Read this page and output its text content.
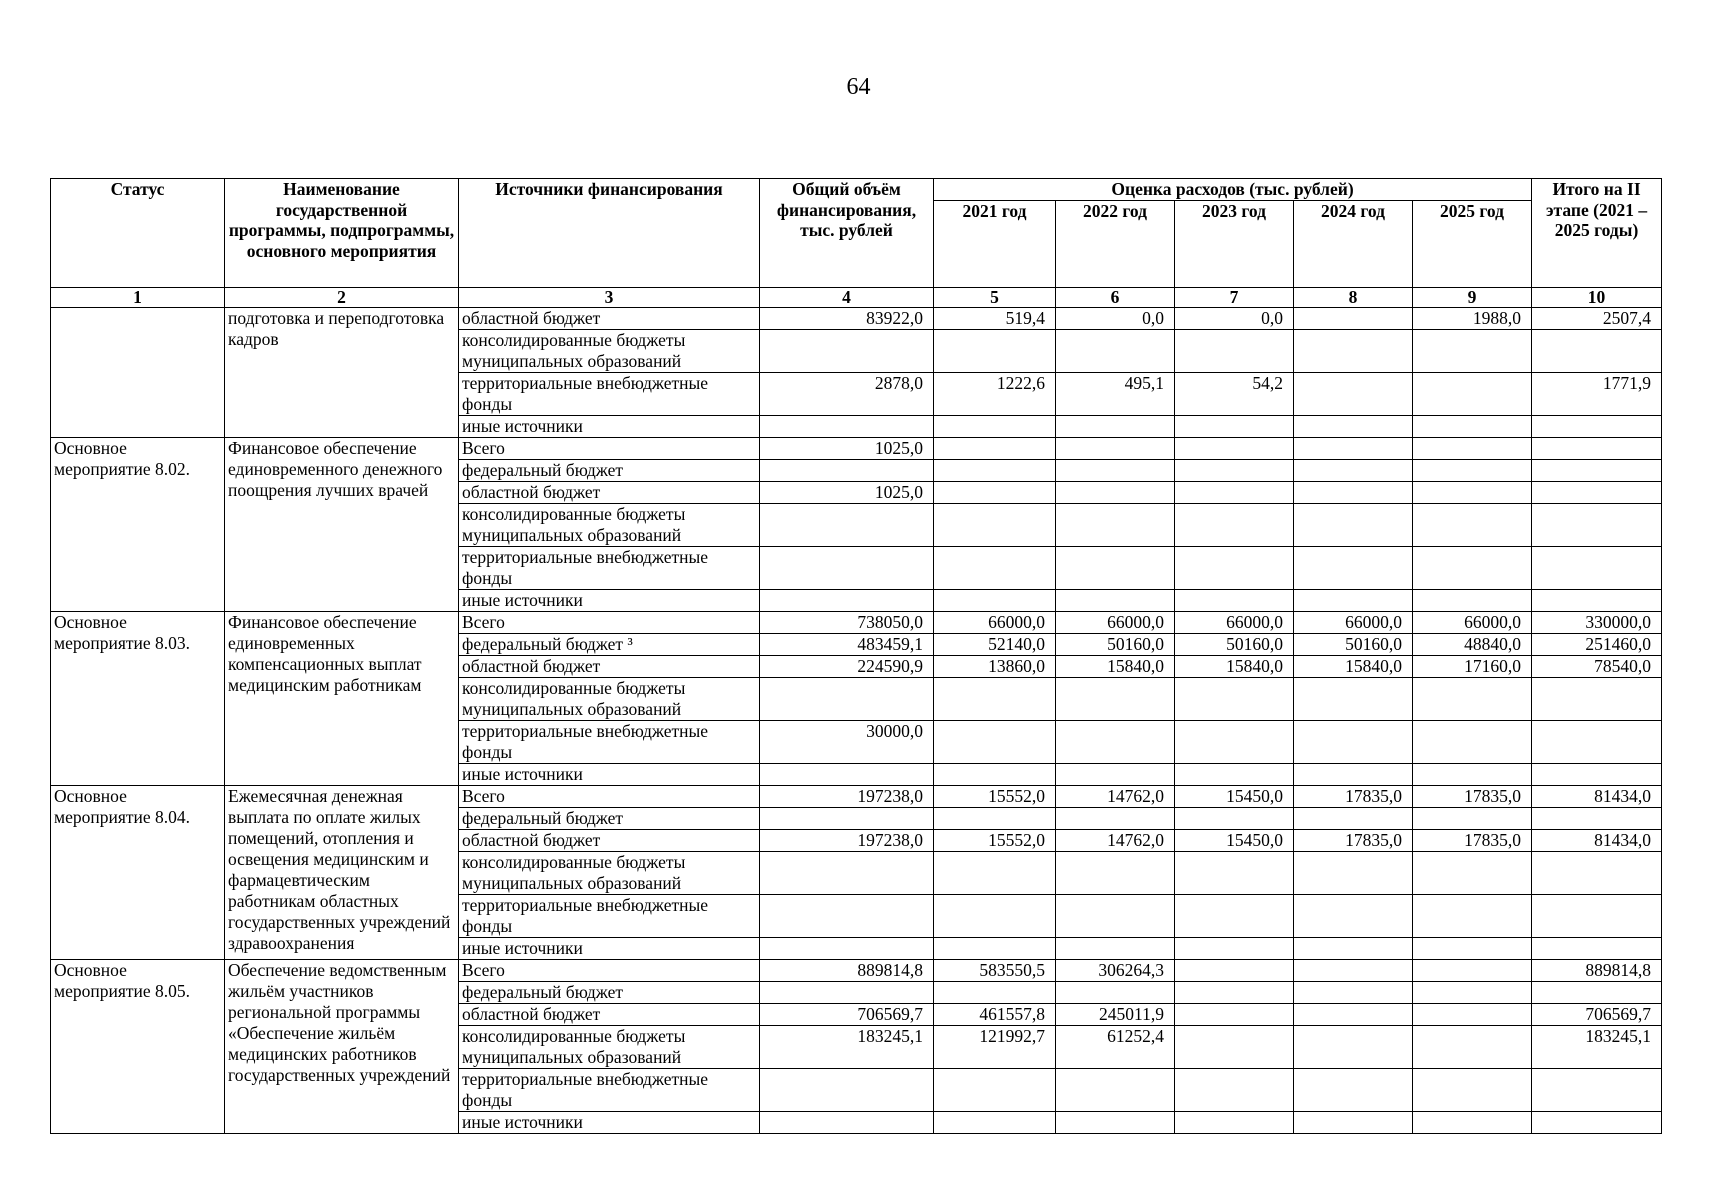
64
Статус	Наименование государственной программы, подпрограммы, основного мероприятия	Источники финансирования	Общий объём финансирования, тыс. рублей	Оценка расходов (тыс. рублей)					Итого на II этапе (2021 – 2025 годы)
				2021 год	2022 год	2023 год	2024 год	2025 год	
1	2	3	4	5	6	7	8	9	10
	подготовка и переподготовка кадров	областной бюджет	83922,0	519,4	0,0	0,0		1988,0	2507,4
		консолидированные бюджеты муниципальных образований							
		территориальные внебюджетные фонды	2878,0	1222,6	495,1	54,2			1771,9
		иные источники							
Основное мероприятие 8.02.	Финансовое обеспечение единовременного денежного поощрения лучших врачей	Всего	1025,0						
		федеральный бюджет							
		областной бюджет	1025,0						
		консолидированные бюджеты муниципальных образований							
		территориальные внебюджетные фонды							
		иные источники							
Основное мероприятие 8.03.	Финансовое обеспечение единовременных компенсационных выплат медицинским работникам	Всего	738050,0	66000,0	66000,0	66000,0	66000,0	66000,0	330000,0
		федеральный бюджет ³	483459,1	52140,0	50160,0	50160,0	50160,0	48840,0	251460,0
		областной бюджет	224590,9	13860,0	15840,0	15840,0	15840,0	17160,0	78540,0
		консолидированные бюджеты муниципальных образований							
		территориальные внебюджетные фонды	30000,0						
		иные источники							
Основное мероприятие 8.04.	Ежемесячная денежная выплата по оплате жилых помещений, отопления и освещения медицинским и фармацевтическим работникам областных государственных учреждений здравоохранения	Всего	197238,0	15552,0	14762,0	15450,0	17835,0	17835,0	81434,0
		федеральный бюджет							
		областной бюджет	197238,0	15552,0	14762,0	15450,0	17835,0	17835,0	81434,0
		консолидированные бюджеты муниципальных образований							
		территориальные внебюджетные фонды							
		иные источники							
Основное мероприятие 8.05.	Обеспечение ведомственным жильём участников региональной программы «Обеспечение жильём медицинских работников государственных учреждений	Всего	889814,8	583550,5	306264,3				889814,8
		федеральный бюджет							
		областной бюджет	706569,7	461557,8	245011,9				706569,7
		консолидированные бюджеты муниципальных образований	183245,1	121992,7	61252,4				183245,1
		территориальные внебюджетные фонды							
		иные источники							
